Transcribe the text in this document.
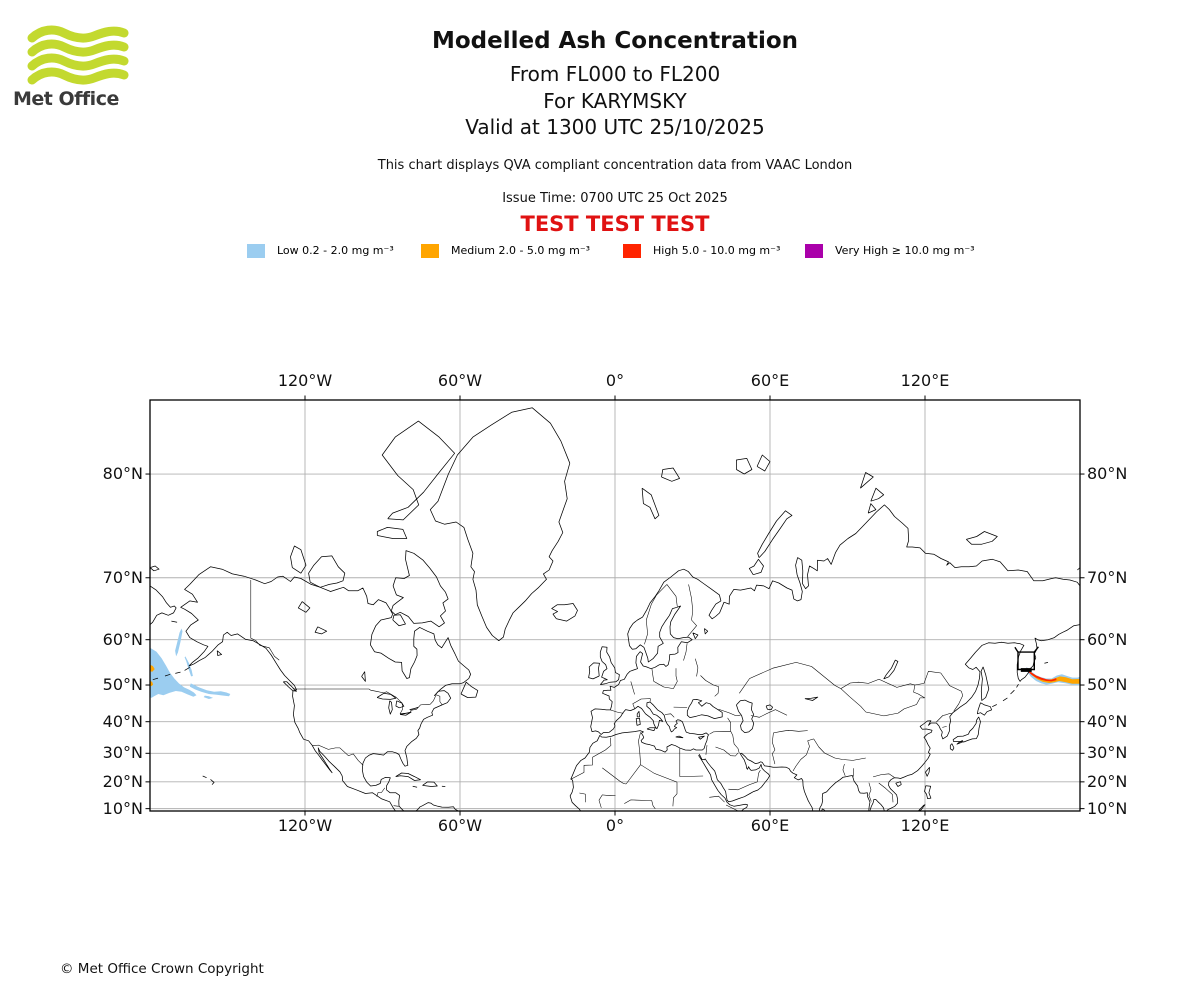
Met Office
Modelled Ash Concentration
From FL000 to FL200
For KARYMSKY
Valid at 1300 UTC 25/10/2025
This chart displays QVA compliant concentration data from VAAC London
Issue Time: 0700 UTC 25 Oct 2025
TEST TEST TEST
Low 0.2 - 2.0 mg m⁻³	Medium 2.0 - 5.0 mg m⁻³	High 5.0 - 10.0 mg m⁻³	Very High ≥ 10.0 mg m⁻³
120°W
120°W
60°W
60°W
0°
0°
60°E
60°E
120°E
120°E
80°N	80°N
70°N	70°N
60°N	60°N
50°N	50°N
40°N	40°N
30°N	30°N
20°N	20°N
10°N	10°N
© Met Office Crown Copyright
